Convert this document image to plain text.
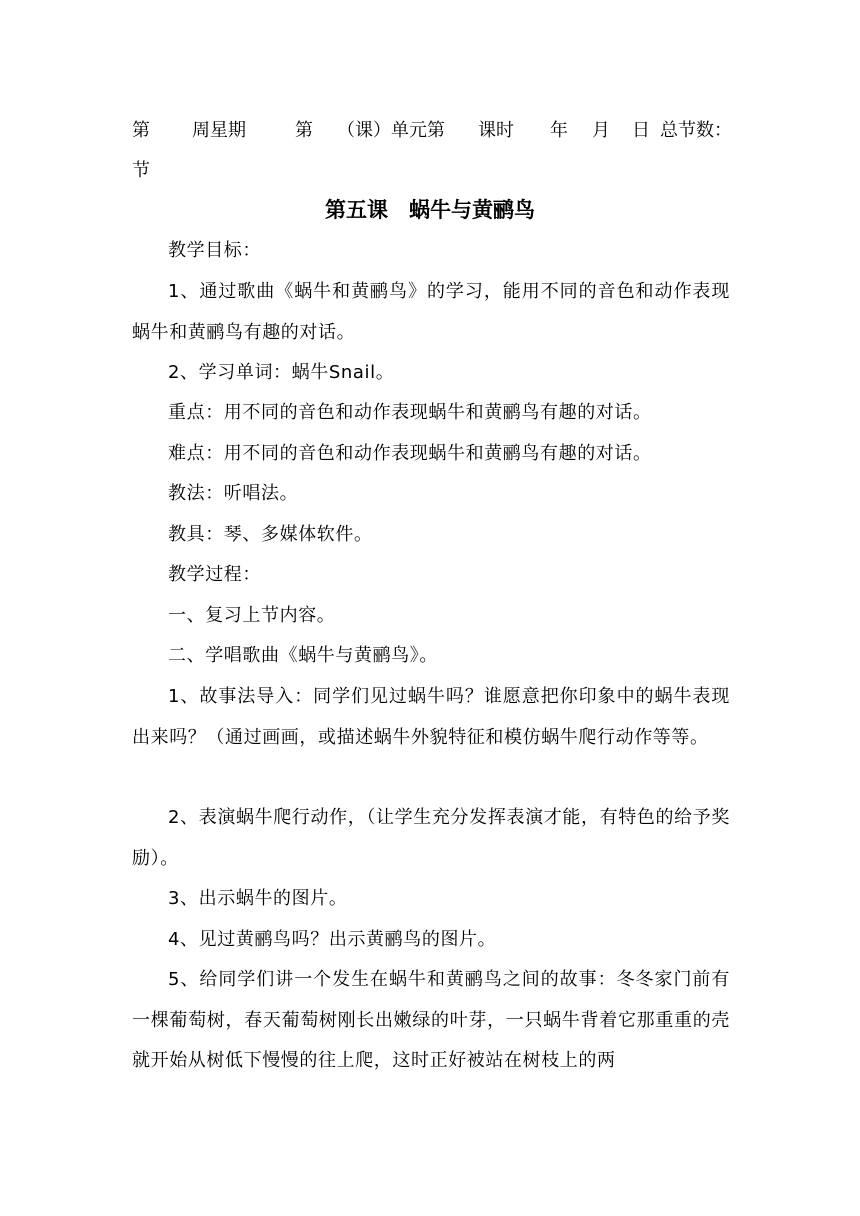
第 周星期	第 （课）单元第 课时 年 月 日 总节数：
节
第五课　蜗牛与黄鹂鸟

教学目标：

1、通过歌曲《蜗牛和黄鹂鸟》的学习，能用不同的音色和动作表现蜗牛和黄鹂鸟有趣的对话。

2、学习单词：蜗牛Snail。

重点：用不同的音色和动作表现蜗牛和黄鹂鸟有趣的对话。

难点：用不同的音色和动作表现蜗牛和黄鹂鸟有趣的对话。

教法：听唱法。

教具：琴、多媒体软件。

教学过程：

一、复习上节内容。

二、学唱歌曲《蜗牛与黄鹂鸟》。

1、故事法导入：同学们见过蜗牛吗？谁愿意把你印象中的蜗牛表现出来吗？（通过画画，或描述蜗牛外貌特征和模仿蜗牛爬行动作等等。

2、表演蜗牛爬行动作，（让学生充分发挥表演才能，有特色的给予奖励）。

3、出示蜗牛的图片。

4、见过黄鹂鸟吗？出示黄鹂鸟的图片。

5、给同学们讲一个发生在蜗牛和黄鹂鸟之间的故事：冬冬家门前有一棵葡萄树，春天葡萄树刚长出嫩绿的叶芽，一只蜗牛背着它那重重的壳就开始从树低下慢慢的往上爬，这时正好被站在树枝上的两
